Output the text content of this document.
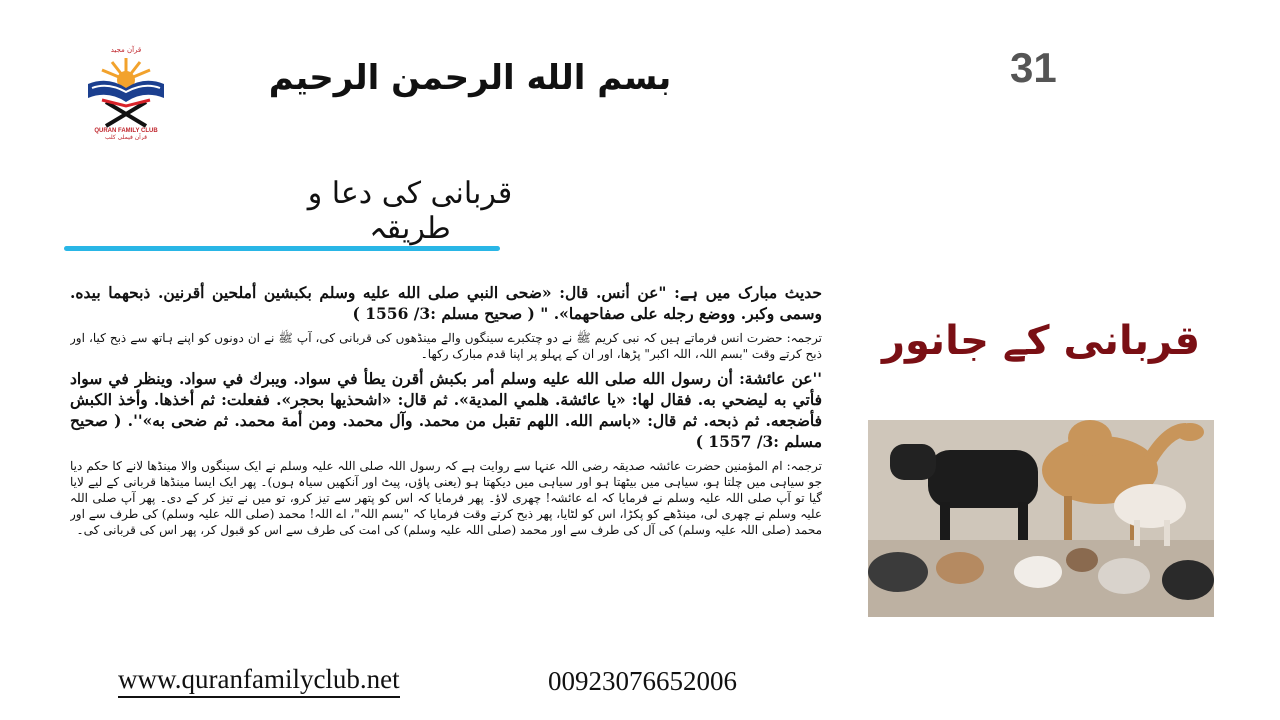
قرآن مجید
QURAN FAMILY CLUB
قرآن فیملی کلب
بسم الله الرحمن الرحيم	31
قربانی کی دعا و طریقہ

حدیث مبارک میں ہے: "عن أنس. قال: «ضحى النبي صلى الله عليه وسلم بكبشين أملحين أقرنين. ذبحهما بيده. وسمى وكبر. ووضع رجله على صفاحهما». " ( صحیح مسلم :3/ 1556 )

ترجمہ: حضرت انس فرماتے ہیں کہ نبی کریم ﷺ نے دو چتکبرے سینگوں والے مینڈھوں کی قربانی کی، آپ ﷺ نے ان دونوں کو اپنے ہاتھ سے ذبح کیا، اور ذبح کرتے وقت "بسم اللہ، اللہ اکبر" پڑھا، اور ان کے پہلو پر اپنا قدم مبارک رکھا۔

''عن عائشة: أن رسول الله صلى الله عليه وسلم أمر بكبش أقرن يطأ في سواد. ويبرك في سواد. وينظر في سواد فأتي به ليضحي به. فقال لها: «يا عائشة. هلمي المدية». ثم قال: «اشحذيها بحجر». ففعلت: ثم أخذها. وأخذ الكبش فأضجعه. ثم ذبحه. ثم قال: «باسم الله. اللهم تقبل من محمد. وآل محمد. ومن أمة محمد. ثم ضحى به»''. ( صحیح مسلم :3/ 1557 )

ترجمہ: ام المؤمنین حضرت عائشہ صدیقہ رضی اللہ عنہا سے روایت ہے کہ رسول اللہ صلی اللہ علیہ وسلم نے ایک سینگوں والا مینڈھا لانے کا حکم دیا جو سیاہی میں چلتا ہو، سیاہی میں بیٹھتا ہو اور سیاہی میں دیکھتا ہو (یعنی پاؤں، پیٹ اور آنکھیں سیاہ ہوں)۔ پھر ایک ایسا مینڈھا قربانی کے لیے لایا گیا تو آپ صلی اللہ علیہ وسلم نے فرمایا کہ اے عائشہ! چھری لاؤ۔ پھر فرمایا کہ اس کو پتھر سے تیز کرو، تو میں نے تیز کر کے دی۔ پھر آپ صلی اللہ علیہ وسلم نے چھری لی، مینڈھے کو پکڑا، اس کو لٹایا، پھر ذبح کرتے وقت فرمایا کہ "بسم اللہ"، اے اللہ! محمد (صلی اللہ علیہ وسلم) کی طرف سے اور محمد (صلی اللہ علیہ وسلم) کی آل کی طرف سے اور محمد (صلی اللہ علیہ وسلم) کی امت کی طرف سے اس کو قبول کر، پھر اس کی قربانی کی۔

قربانی کے جانور
www.quranfamilyclub.net	00923076652006
